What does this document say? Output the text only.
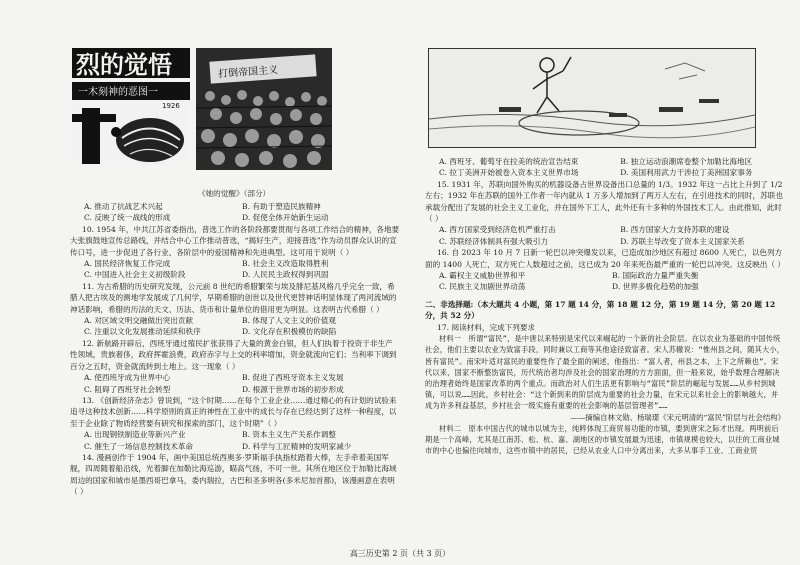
烈的觉悟
一木刻神的恶图一
1926
打倒帝国主义
《她的觉醒》（部分）
A. 推动了抗战艺术兴起	B. 有助于塑造民族精神
C. 反映了统一战线的形成	D. 促使全体开始新生运动

10. 1954 年，中共江苏省委指出，普选工作的各阶段都要贯彻与各项工作结合的精神，各地要大张旗鼓地宣传总路线，并结合中心工作推动普选，“揭好生产，迎接普选”作为动员群众认识的宣传口号，进一步促进了各行业、各阶层中的爱国精神和先进典型。这可用于说明（ ）

A. 国民经济恢复工作完成	B. 社会主义改造取得胜利
C. 中国进入社会主义初级阶段	D. 人民民主政权得到巩固

11. 为古希腊的历史研究发现，公元前 8 世纪的希腊繁荣与埃及腓尼基风格几乎完全一致，希腊人把古埃及的测地学发展成了几何学，早期希腊的创世以及世代更替神话明显体现了两河流域的神话影响，希腊的历法的天文、历法、货币和计量单位的借用更为明显。这表明古代希腊（ ）

A. 对区域文明交融做出突出贡献	B. 体现了人文主义的价值观
C. 注重以文化发展推动延续和秩序	D. 文化存在积极模仿的缺陷

12. 新航路开辟后，西班牙通过殖民扩张获得了大量的黄金白银，但人们执着于投资于非生产性领域，贵族奢侈，政府挥霍浪费，政府赤字与上交的利率增加，资金就流向它们；当利率下调到百分之五时，资金就流转到土地上。这一现象（ ）

A. 使西班牙成为世界中心	B. 促进了西班牙资本主义发展
C. 阻碍了西班牙社会转型	D. 根源于世界市场的初步形成

13. 《创新经济杂志》曾说到，“这个时期……在每个工业企业……通过精心的有计划的试验来追寻这种技术创新……科学原则的真正的神性在工业中的成长与存在已经达到了这样一种程度，以至于企业除了物质经营要有研究和探索的部门，这个时期”（ ）

A. 出现钢铁制造业等新兴产业	B. 资本主义生产关系作调整
C. 催生了一场信息控制技术革命	D. 科学与工匠精神的发明家减少

14. 漫画创作于 1904 年，画中美国总统西奥多·罗斯福手执指杖踏着大棒，左手牵着美国军舰，四周随着船沿线，光着脚在加勒比海巡游，瞄高气扬，不可一世。其所在地区位于加勒比海域周边的国家和城市是墨西哥巴拿马，委内瑞拉，古巴和圣多明各(多米尼加首都)，该漫画意在表明（ ）

A. 西班牙、葡萄牙在拉美的统治宣告结束	B. 独立运动浪潮席卷整个加勒比海地区
C. 拉丁美洲开始被卷入资本主义世界市场	D. 美国利用武力干涉拉丁美洲国家事务

15. 1931 年，苏联向国外购买的机器设备占世界设备出口总量的 1/3。1932 年这一占比上升到了 1/2 左右；1932 年在苏联的国外工作者一年内就从 1 万多人增加到了两万人左右，在引进技术的同时，苏联也承载分配出了发展的社会主义工业化，并在国外下工人，此外还有十多种的外国技术工人。由此推知，此时（ ）

A. 西方国家受到经济危机严重打击	B. 西方国家大力支持苏联的建设
C. 苏联经济体制具有强大吸引力	D. 苏联主导改变了资本主义国家关系

16. 自 2023 年 10 月 7 日新一轮巴以冲突爆发以来，已造成加沙地区有超过 8600 人死亡，以色列方面的 1400 人死亡，双方死亡人数超过之前，这已成为 20 年来死伤最严重的一轮巴以冲突。这反映出（ ）

A. 霸权主义威胁世界和平	B. 国际政治力量严重失衡
C. 民族主义加剧世界动荡	D. 世界多极化趋势的加强

二、非选择题:（本大题共 4 小题，第 17 题 14 分，第 18 题 12 分，第 19 题 14 分，第 20 题 12 分，共 52 分）

17. 阅读材料，完成下列要求

材料一　所谓“富民”，是中唐以来特别是宋代以来崛起的一个新的社会阶层。在以农业为基础的中国传统社会，他们主要以农业为致富手段，同时兼以工商等其他途径致富者。宋人苏辙说：“惟州县之间，随其大小，皆有富民”。南宋叶适对富民的重要性作了最全面的阐述，他指出：“富人者，州县之本，上下之所赖也”。宋代以来，国家不断整饬富民，历代统治者均涉及社会的国家治理的方方面面，但一般来说，始乎数理合理解决的治理者始终是国家改革的两个重点。而政治对人们生活更有影响与“富民”阶层的崛起与发展……从乡村到城镇，可以说……因此，乡村社会：“这个新到来的阶层成为重要的社会力量，在宋元以来社会上的影响越大，并成为许多利益基层，乡村社会一级实施有重要的社会影响的基层管理者”……

——摘编自林文勋、杨瑞璟《宋元明清的“富民”阶层与社会结构》

材料二　原本中国古代的城市以城为主，纯粹体现工商贸易功能的市镇，要到唐宋之际才出现。两明前后期是一个高峰，尤其是江南苏、松、杭、嘉、湖地区的市镇发展最为迅速，市镇规模也较大，以往的工商业城市的中心也偏往向城市，这些市镇中的居民，已经从农业人口中分离出来，大多从事手工业、工商业贸

高三历史第 2 页（共 3 页）
